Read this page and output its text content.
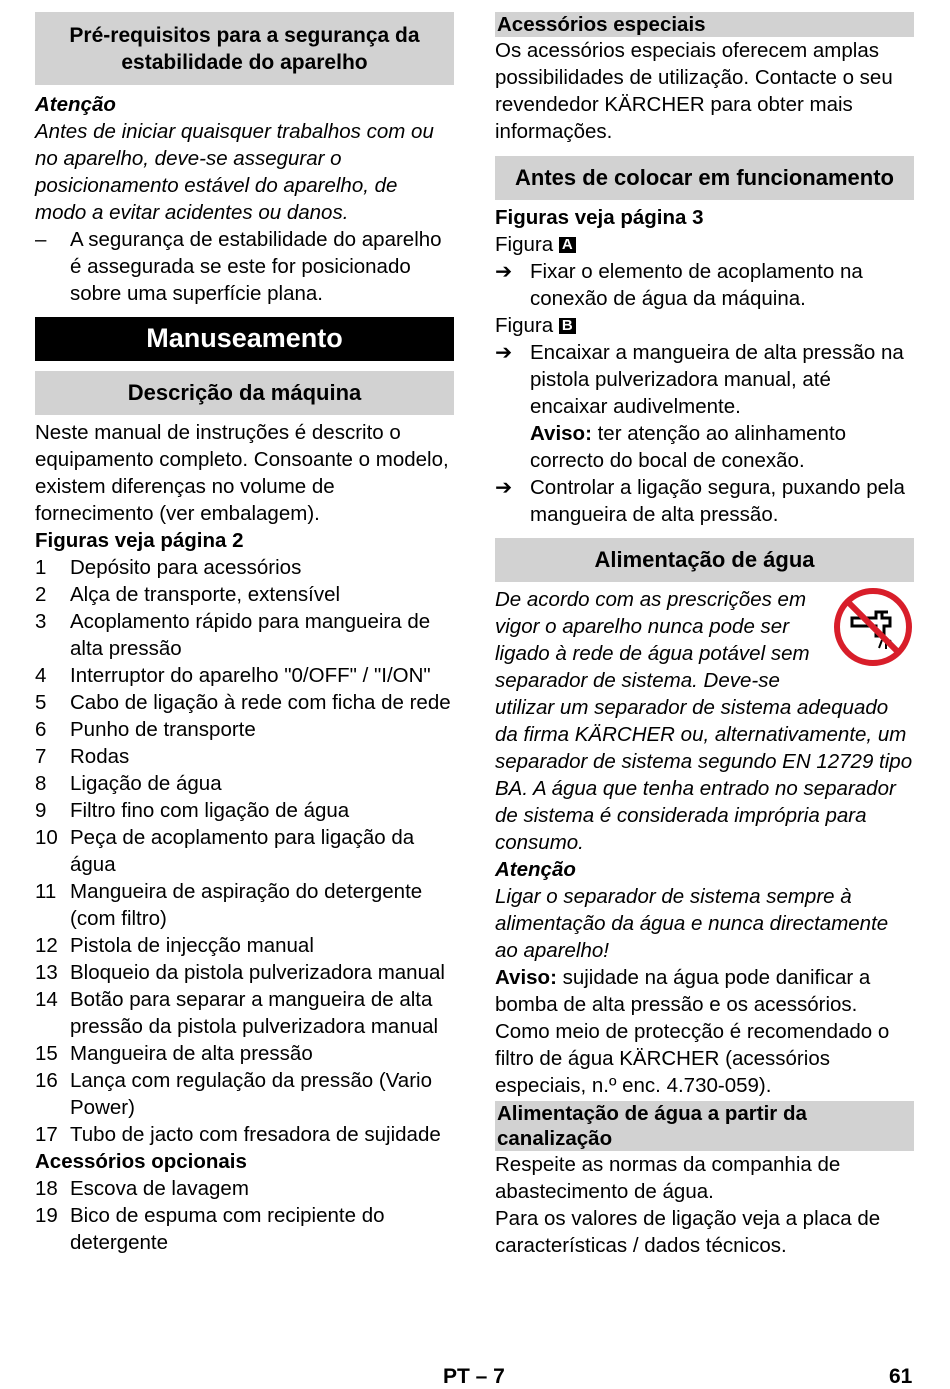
Pré-requisitos para a segurança da estabilidade do aparelho

Atenção

Antes de iniciar quaisquer trabalhos com ou no aparelho, deve-se assegurar o posicionamento estável do aparelho, de modo a evitar acidentes ou danos.

–	A segurança de estabilidade do aparelho é assegurada se este for posicionado sobre uma superfície plana.
Manuseamento
Descrição da máquina

Neste manual de instruções é descrito o equipamento completo. Consoante o modelo, existem diferenças no volume de fornecimento (ver embalagem).

Figuras veja página 2

1	Depósito para acessórios
2	Alça de transporte, extensível
3	Acoplamento rápido para mangueira de alta pressão
4	Interruptor do aparelho "0/OFF" / "I/ON"
5	Cabo de ligação à rede com ficha de rede
6	Punho de transporte
7	Rodas
8	Ligação de água
9	Filtro fino com ligação de água
10 Peça de acoplamento para ligação da água
11 Mangueira de aspiração do detergente (com filtro)
12 Pistola de injecção manual
13 Bloqueio da pistola pulverizadora manual
14 Botão para separar a mangueira de alta pressão da pistola pulverizadora manual
15 Mangueira de alta pressão
16 Lança com regulação da pressão (Vario Power)
17 Tubo de jacto com fresadora de sujidade

Acessórios opcionais

18 Escova de lavagem
19 Bico de espuma com recipiente do detergente
Acessórios especiais

Os acessórios especiais oferecem amplas possibilidades de utilização. Contacte o seu revendedor KÄRCHER para obter mais informações.

Antes de colocar em funcionamento

Figuras veja página 3

Figura A

➔ Fixar o elemento de acoplamento na conexão de água da máquina.

Figura B

➔ Encaixar a mangueira de alta pressão na pistola pulverizadora manual, até encaixar audivelmente.
Aviso: ter atenção ao alinhamento correcto do bocal de conexão.
➔ Controlar a ligação segura, puxando pela mangueira de alta pressão.
Alimentação de água

De acordo com as prescrições em vigor o aparelho nunca pode ser ligado à rede de água potável sem separador de sistema. Deve-se utilizar um separador de sistema adequado da firma KÄRCHER ou, alternativamente, um separador de sistema segundo EN 12729 tipo BA. A água que tenha entrado no separador de sistema é considerada imprópria para consumo.

Atenção

Ligar o separador de sistema sempre à alimentação da água e nunca directamente ao aparelho!

Aviso: sujidade na água pode danificar a bomba de alta pressão e os acessórios. Como meio de protecção é recomendado o filtro de água KÄRCHER (acessórios especiais, n.º enc. 4.730-059).

Alimentação de água a partir da canalização

Respeite as normas da companhia de abastecimento de água.

Para os valores de ligação veja a placa de características / dados técnicos.

PT – 7	61
